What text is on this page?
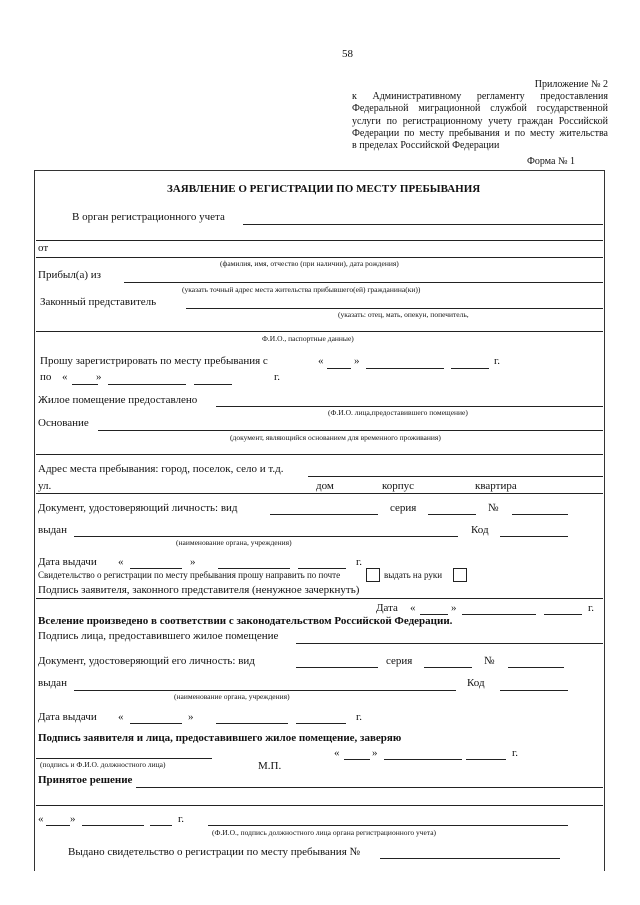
58
Приложение № 2
к Административному регламенту предоставления
Федеральной миграционной службой государственной
услуги по регистрационному учету граждан Российской
Федерации по месту пребывания и по месту жительства
в пределах Российской Федерации
Форма № 1
ЗАЯВЛЕНИЕ О РЕГИСТРАЦИИ ПО МЕСТУ ПРЕБЫВАНИЯ
В орган регистрационного учета
от
(фамилия, имя, отчество (при наличии), дата рождения)
Прибыл(а) из
(указать точный адрес места жительства прибывшего(ей) гражданина(ки))
Законный представитель
(указать: отец, мать, опекун, попечитель,
Ф.И.О., паспортные данные)
Прошу зарегистрировать по месту пребывания с	«	»	г.
по «	»	г.
Жилое помещение предоставлено
(Ф.И.О. лица,предоставившего помещение)
Основание
(документ, являющийся основанием для временного проживания)
Адрес места пребывания: город, поселок, село и т.д.
ул.	дом	корпус	квартира
Документ, удостоверяющий личность: вид	серия	№
выдан	Код
(наименование органа, учреждения)
Дата выдачи «	»	г.
Свидетельство о регистрации по месту пребывания прошу направить по почте	выдать на руки
Подпись заявителя, законного представителя (ненужное зачеркнуть)
Дата «	»	г.
Вселение произведено в соответствии с законодательством Российской Федерации.
Подпись лица, предоставившего жилое помещение
Документ, удостоверяющий его личность: вид	серия	№
выдан	Код
(наименование органа, учреждения)
Дата выдачи «	»	г.
Подпись заявителя и лица, предоставившего жилое помещение, заверяю
«	»	г.
(подпись и Ф.И.О. должностного лица)	М.П.
Принятое решение
« »	г.
(Ф.И.О., подпись должностного лица органа регистрационного учета)
Выдано свидетельство о регистрации по месту пребывания №
